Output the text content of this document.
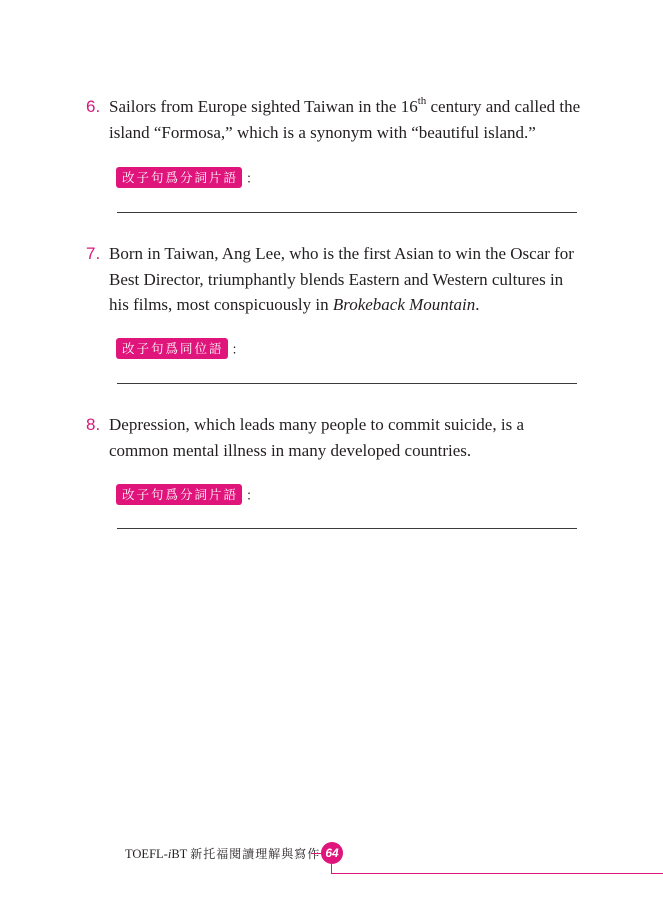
6. Sailors from Europe sighted Taiwan in the 16th century and called the island “Formosa,” which is a synonym with “beautiful island.”
改子句爲分詞片語 ：
7. Born in Taiwan, Ang Lee, who is the first Asian to win the Oscar for Best Director, triumphantly blends Eastern and Western cultures in his films, most conspicuously in Brokeback Mountain.
改子句爲同位語 ：
8. Depression, which leads many people to commit suicide, is a common mental illness in many developed countries.
改子句爲分詞片語 ：
TOEFL-iBT 新托福閱讀理解與寫作 64
